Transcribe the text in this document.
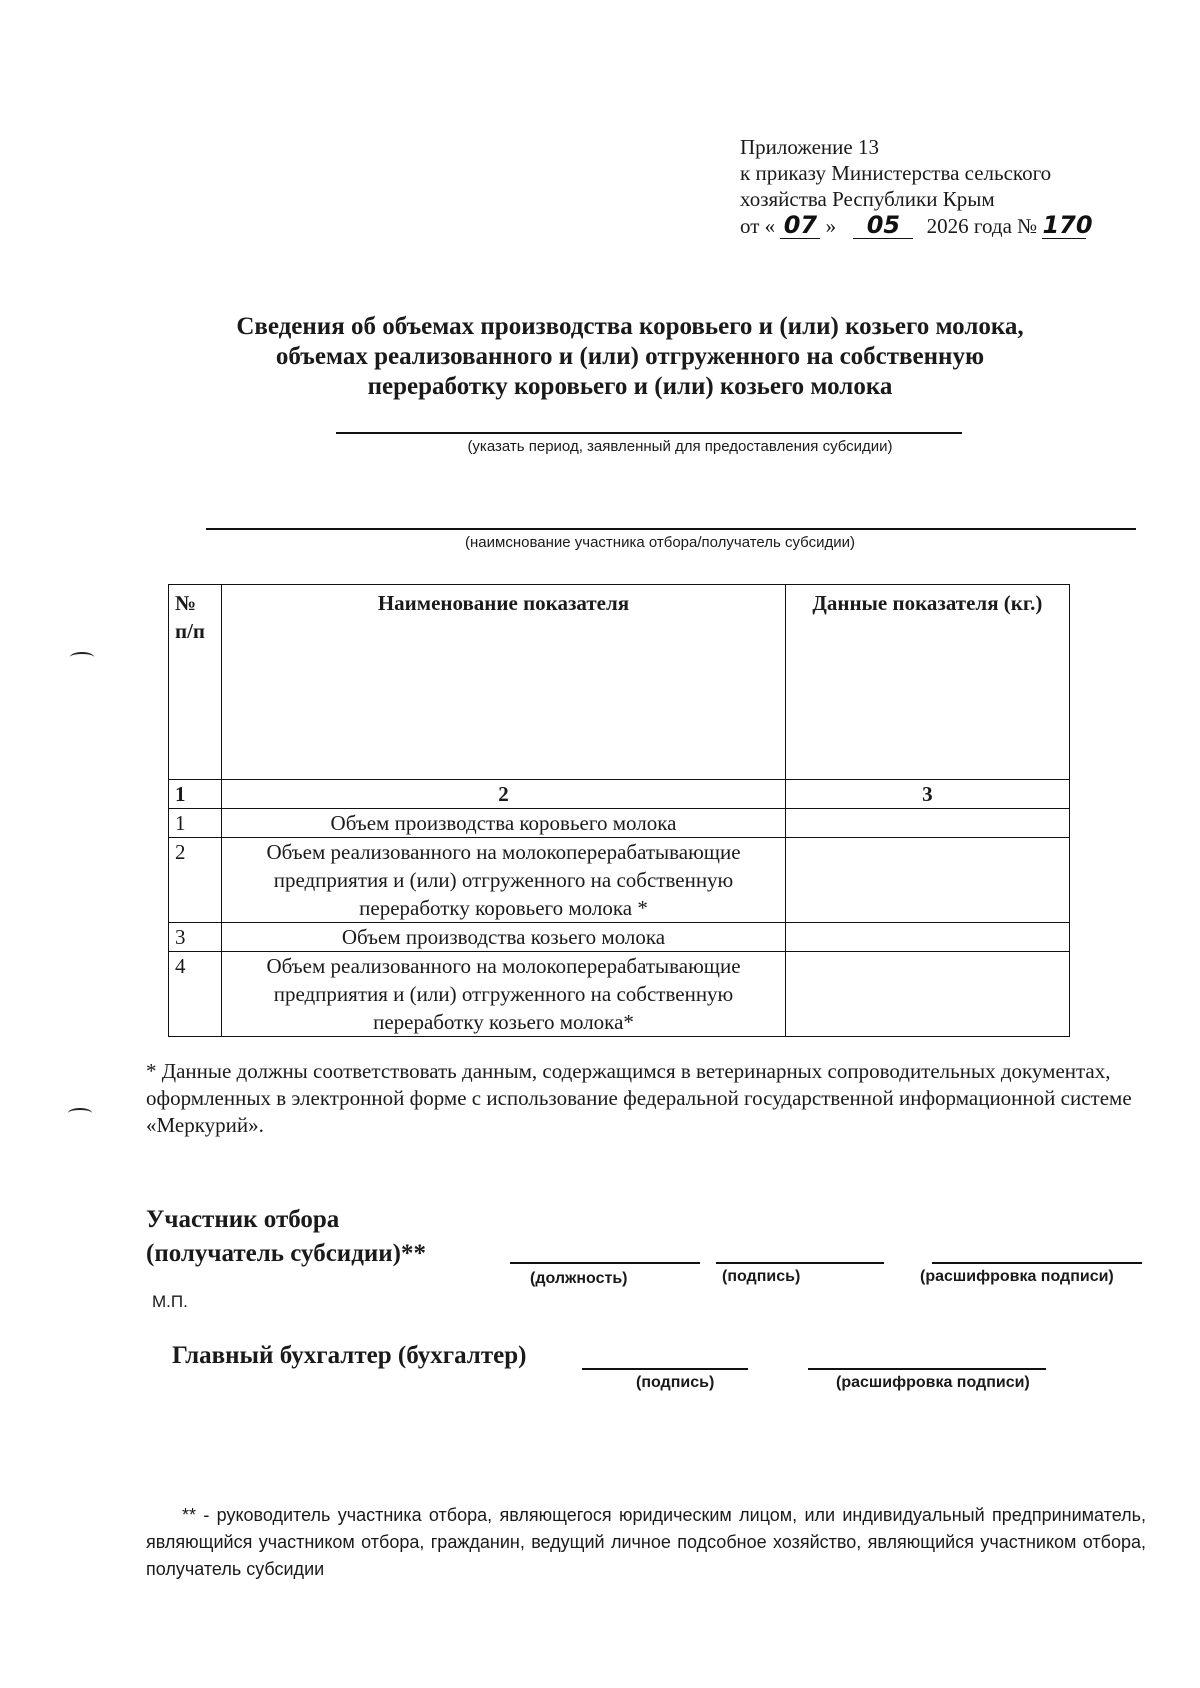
Приложение 13
к приказу Министерства сельского
хозяйства Республики Крым
от « 07 » 05 2026 года № 170
Сведения об объемах производства коровьего и (или) козьего молока,
объемах реализованного и (или) отгруженного на собственную
переработку коровьего и (или) козьего молока
(указать период, заявленный для предоставления субсидии)
(наимснование участника отбора/получатель субсидии)
№ п/п	Наименование показателя	Данные показателя (кг.)
1	2	3
1	Объем производства коровьего молока	
2	Объем реализованного на молокоперерабатывающие предприятия и (или) отгруженного на собственную переработку коровьего молока *	
3	Объем производства козьего молока	
4	Объем реализованного на молокоперерабатывающие предприятия и (или) отгруженного на собственную переработку козьего молока*	
* Данные должны соответствовать данным, содержащимся в ветеринарных сопроводительных документах, оформленных в электронной форме с использование федеральной государственной информационной системе «Меркурий».
Участник отбора
(получатель субсидии)**
(должность)	(подпись)	(расшифровка подписи)
М.П.
Главный бухгалтер (бухгалтер)
(подпись)	(расшифровка подписи)
** - руководитель участника отбора, являющегося юридическим лицом, или индивидуальный предприниматель, являющийся участником отбора, гражданин, ведущий личное подсобное хозяйство, являющийся участником отбора, получатель субсидии
